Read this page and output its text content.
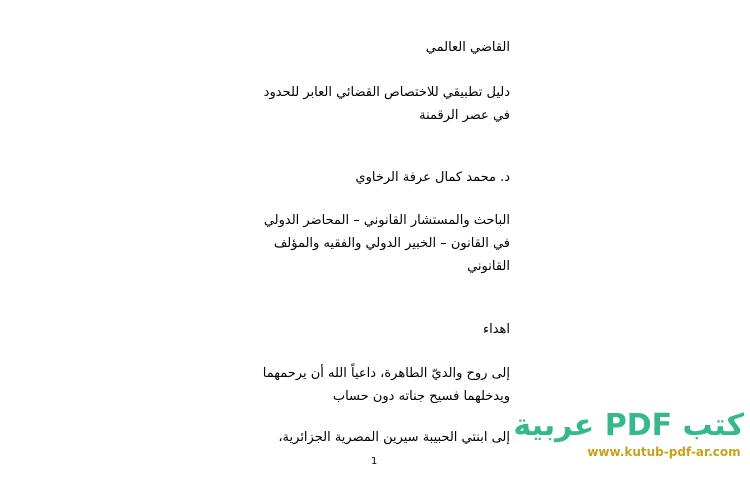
القاضي العالمي
دليل تطبيقي للاختصاص القضائي العابر للحدود
في عصر الرقمنة
د. محمد كمال عرفة الرخاوي
الباحث والمستشار القانوني – المحاضر الدولي
في القانون – الخبير الدولي والفقيه والمؤلف
القانوني
اهداء
إلى روح والديّ الطاهرة، داعياً الله أن يرحمهما
ويدخلهما فسيح جناته دون حساب
إلى ابنتي الحبيبة سيرين المصرية الجزائرية،
1
كتب PDF عربية
www.kutub-pdf-ar.com
